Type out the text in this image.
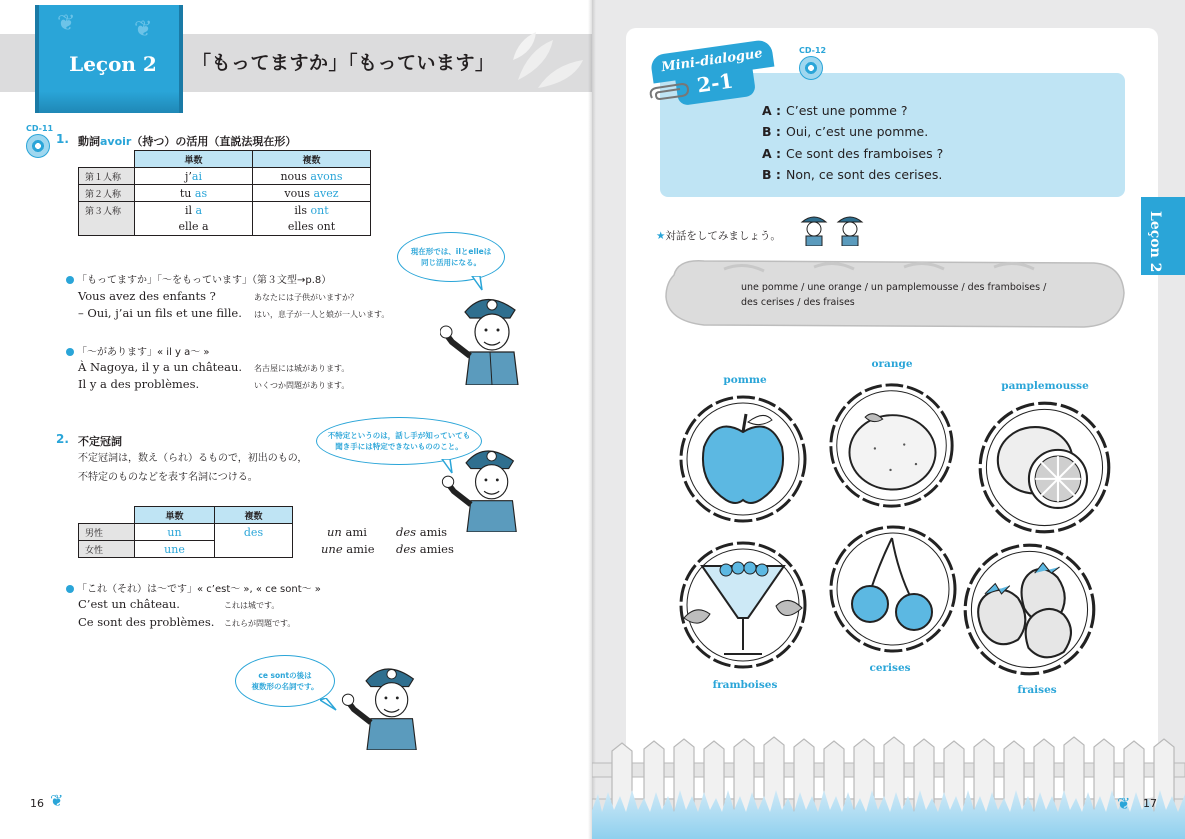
❦	❦
Leçon 2	「もってますか」「もっています」
CD-11
1. 動詞avoir（持つ）の活用（直説法現在形）
	単数	複数
第１人称	j’ai	nous avons
第２人称	tu as	vous avez
第３人称	il a	ils ont
	elle a	elles ont
現在形では、ilとelleは
同じ活用になる。
「もってますか」「～をもっています」（第３文型→p.8）
Vous avez des enfants ?	あなたには子供がいますか？
– Oui, j’ai un fils et une fille. はい，息子が一人と娘が一人います。
「～があります」« il y a～ »
À Nagoya, il y a un château. 名古屋には城があります。
Il y a des problèmes.	いくつか問題があります。
2. 不定冠詞
不定冠詞は，数え（られ）るもので，初出のもの，
不特定のものなどを表す名詞につける。
不特定というのは，話し手が知っていても
聞き手には特定できないもののこと。
	単数	複数
男性	un	des
女性	une	
un ami	des amis
une amie des amies
「これ（それ）は～です」« c’est～ », « ce sont～ »
C’est un château.	これは城です。
Ce sont des problèmes. これらが問題です。
ce sontの後は
複数形の名詞です。
16 ❦
CD-12
Mini-dialogue
2-1
A : C’est une pomme ?
B : Oui, c’est une pomme.
A : Ce sont des framboises ?
B : Non, ce sont des cerises.
Leçon 2
★対話をしてみましょう。
une pomme / une orange / un pamplemousse / des framboises /
des cerises / des fraises
pomme
orange
pamplemousse
framboises
cerises
fraises
❦ 17
